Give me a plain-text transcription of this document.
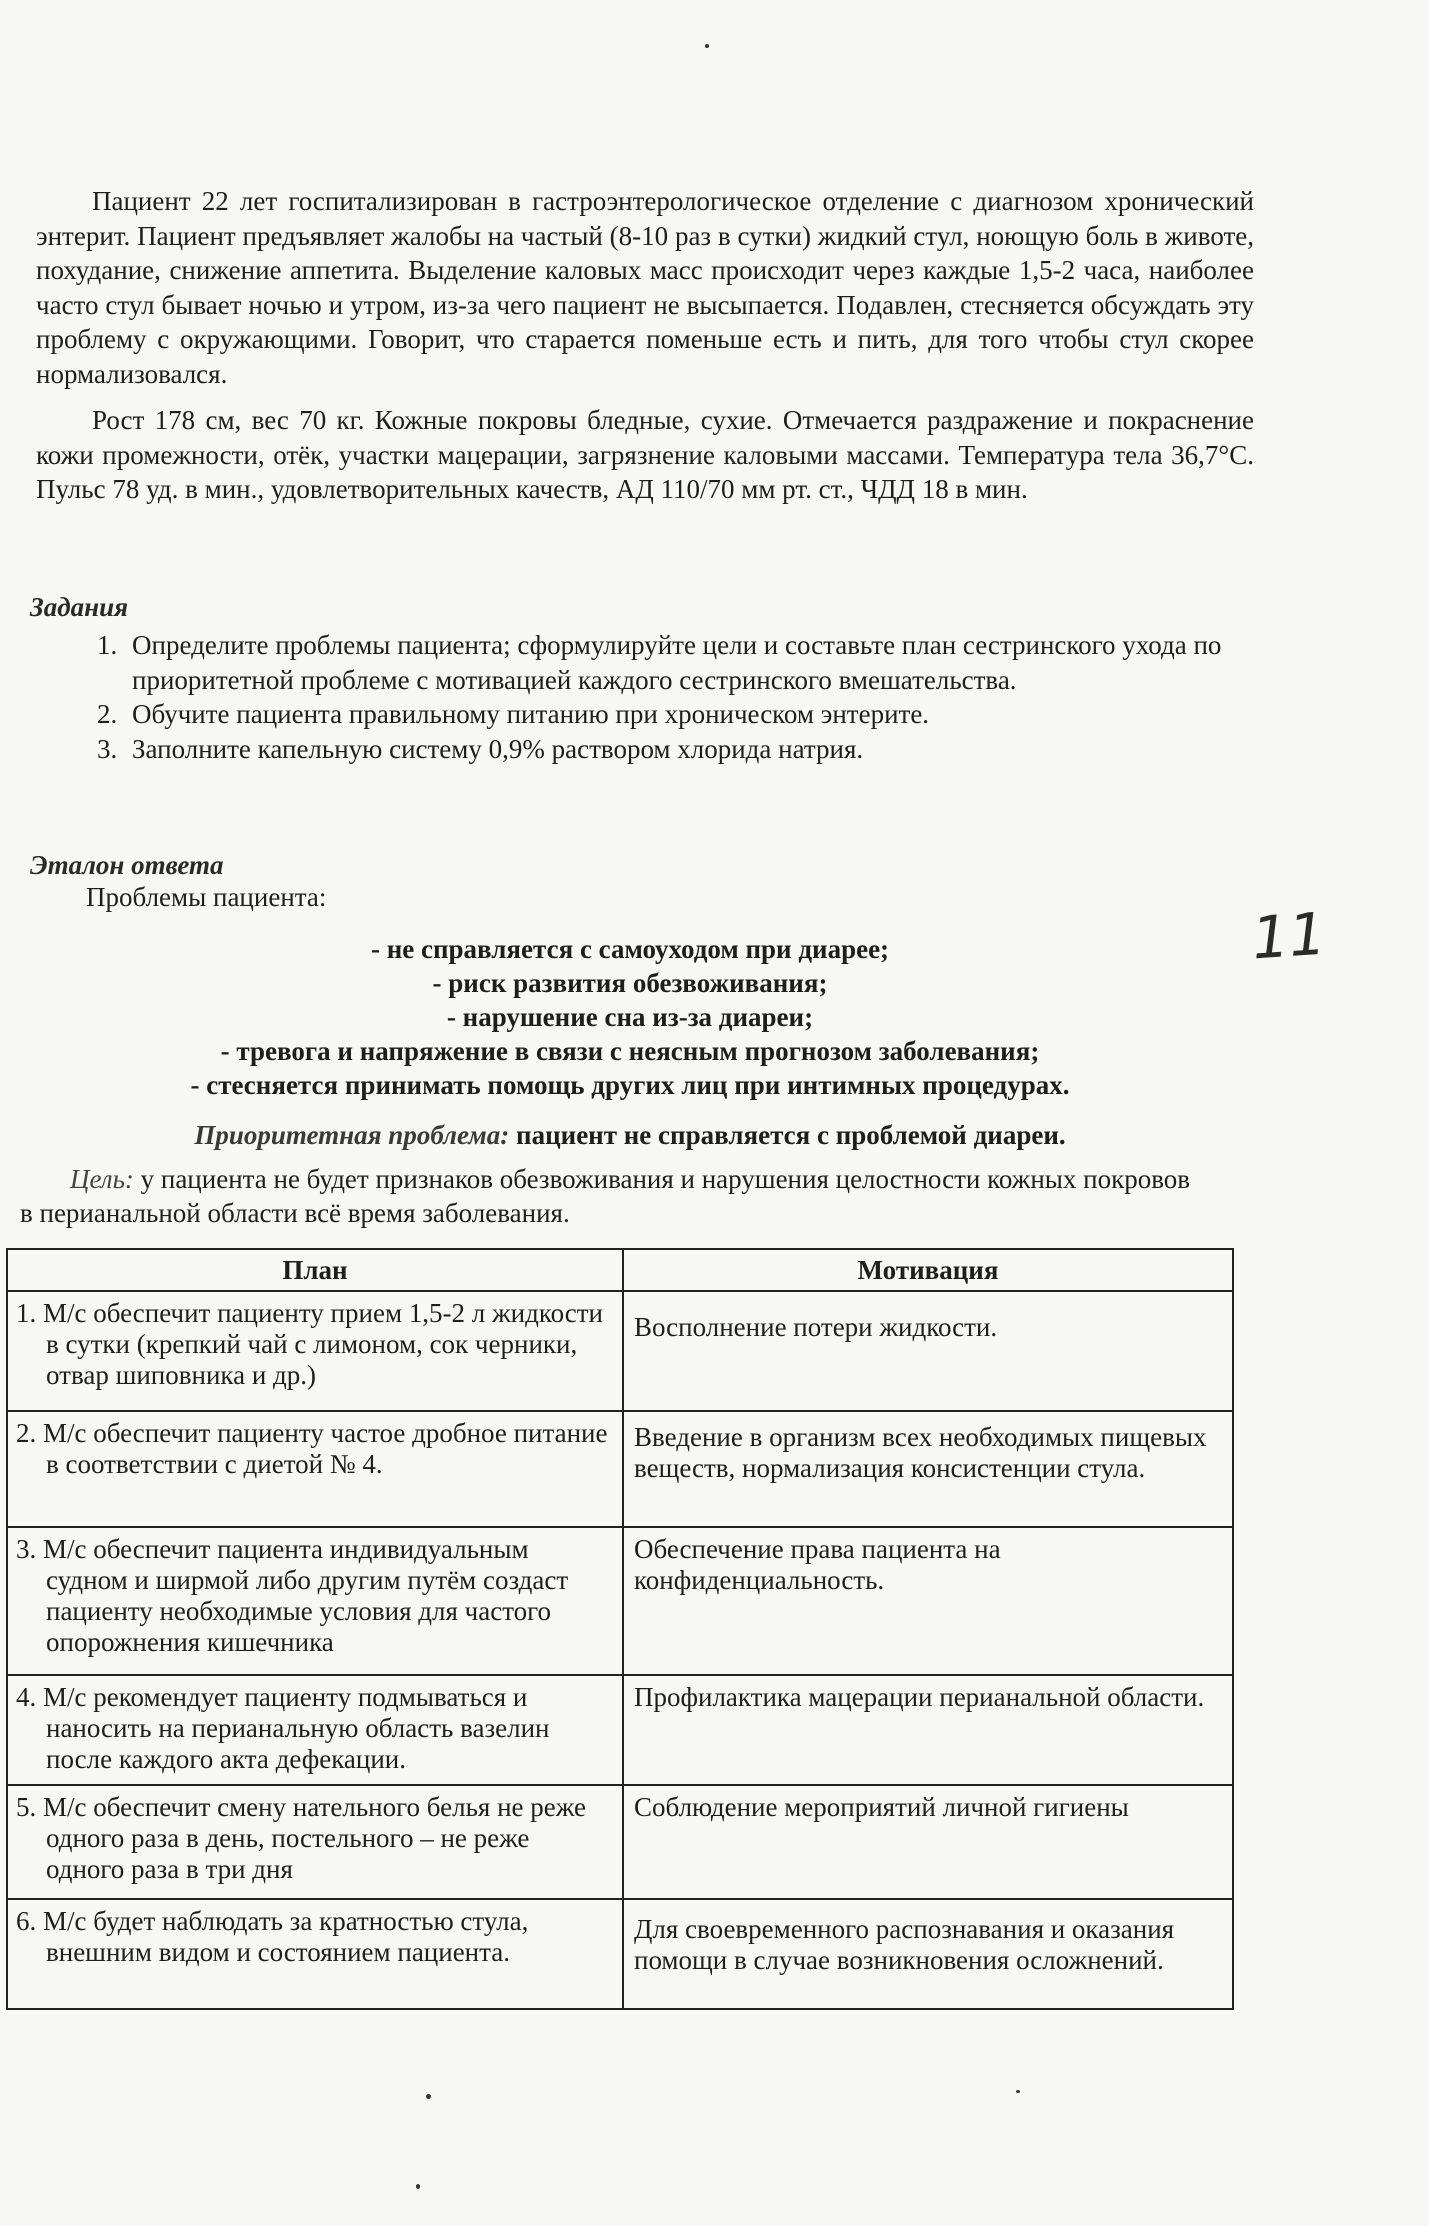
Пациент 22 лет госпитализирован в гастроэнтерологическое отделение с диагнозом хронический энтерит. Пациент предъявляет жалобы на частый (8-10 раз в сутки) жидкий стул, ноющую боль в животе, похудание, снижение аппетита. Выделение каловых масс происходит через каждые 1,5-2 часа, наиболее часто стул бывает ночью и утром, из-за чего пациент не высыпается. Подавлен, стесняется обсуждать эту проблему с окружающими. Говорит, что старается поменьше есть и пить, для того чтобы стул скорее нормализовался.

Рост 178 см, вес 70 кг. Кожные покровы бледные, сухие. Отмечается раздражение и покраснение кожи промежности, отёк, участки мацерации, загрязнение каловыми массами. Температура тела 36,7°С. Пульс 78 уд. в мин., удовлетворительных качеств, АД 110/70 мм рт. ст., ЧДД 18 в мин.

Задания
1. Определите проблемы пациента; сформулируйте цели и составьте план сестринского ухода по приоритетной проблеме с мотивацией каждого сестринского вмешательства.
2. Обучите пациента правильному питанию при хроническом энтерите.
3. Заполните капельную систему 0,9% раствором хлорида натрия.
Эталон ответа
Проблемы пациента:
11
- не справляется с самоуходом при диарее;
- риск развития обезвоживания;
- нарушение сна из-за диареи;
- тревога и напряжение в связи с неясным прогнозом заболевания;
- стесняется принимать помощь других лиц при интимных процедурах.
Приоритетная проблема: пациент не справляется с проблемой диареи.
Цель: у пациента не будет признаков обезвоживания и нарушения целостности кожных покровов в перианальной области всё время заболевания.
План	Мотивация

1. М/с обеспечит пациенту прием 1,5-2 л жидкости в сутки (крепкий чай с лимоном, сок черники, отвар шиповника и др.)	Восполнение потери жидкости.

2. М/с обеспечит пациенту частое дробное питание в соответствии с диетой № 4.	Введение в организм всех необходимых пищевых веществ, нормализация консистенции стула.

3. М/с обеспечит пациента индивидуальным судном и ширмой либо другим путём создаст пациенту необходимые условия для частого опорожнения кишечника	Обеспечение права пациента на конфиденциальность.

4. М/с рекомендует пациенту подмываться и наносить на перианальную область вазелин после каждого акта дефекации.	Профилактика мацерации перианальной области.

5. М/с обеспечит смену нательного белья не реже одного раза в день, постельного – не реже одного раза в три дня	Соблюдение мероприятий личной гигиены

6. М/с будет наблюдать за кратностью стула, внешним видом и состоянием пациента.	Для своевременного распознавания и оказания помощи в случае возникновения осложнений.
